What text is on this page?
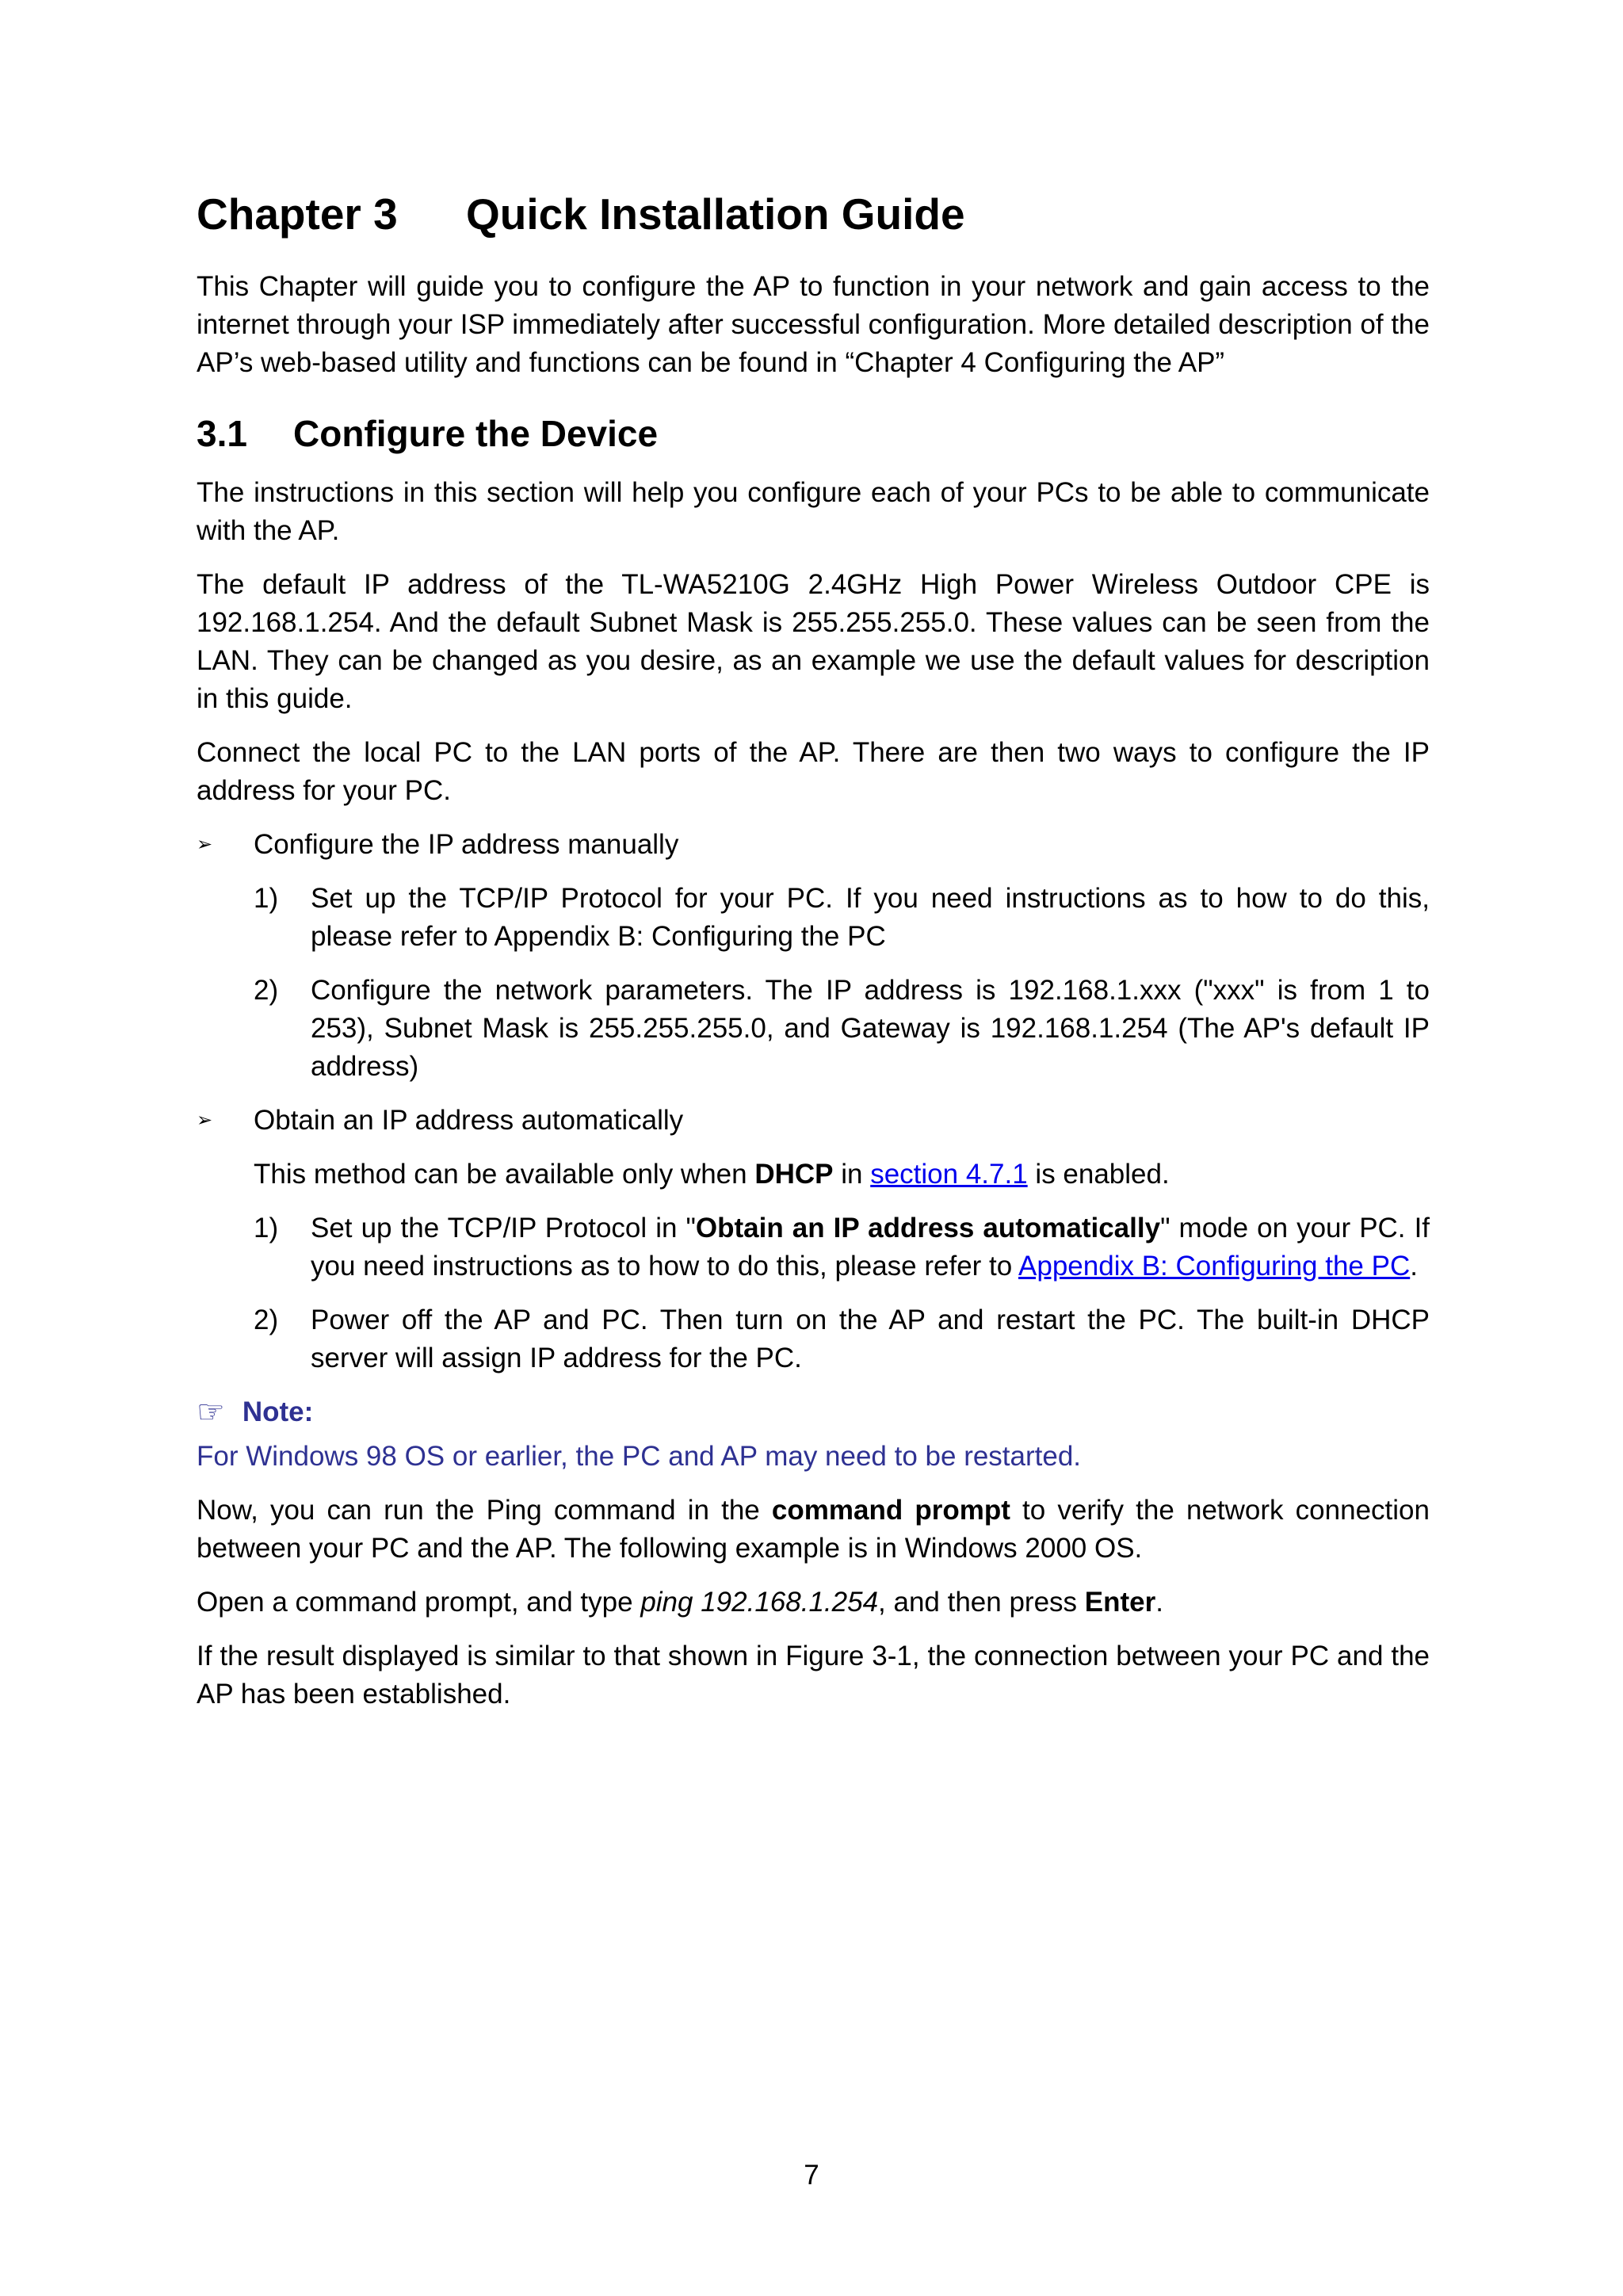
Chapter 3 Quick Installation Guide

This Chapter will guide you to configure the AP to function in your network and gain access to the internet through your ISP immediately after successful configuration. More detailed description of the AP’s web-based utility and functions can be found in “Chapter 4 Configuring the AP”

3.1 Configure the Device

The instructions in this section will help you configure each of your PCs to be able to communicate with the AP.

The default IP address of the TL-WA5210G 2.4GHz High Power Wireless Outdoor CPE is 192.168.1.254. And the default Subnet Mask is 255.255.255.0. These values can be seen from the LAN. They can be changed as you desire, as an example we use the default values for description in this guide.

Connect the local PC to the LAN ports of the AP. There are then two ways to configure the IP address for your PC.

➢ Configure the IP address manually
1) Set up the TCP/IP Protocol for your PC. If you need instructions as to how to do this, please refer to Appendix B: Configuring the PC
2) Configure the network parameters. The IP address is 192.168.1.xxx ("xxx" is from 1 to 253), Subnet Mask is 255.255.255.0, and Gateway is 192.168.1.254 (The AP's default IP address)
➢ Obtain an IP address automatically
This method can be available only when DHCP in section 4.7.1 is enabled.
1) Set up the TCP/IP Protocol in "Obtain an IP address automatically" mode on your PC. If you need instructions as to how to do this, please refer to Appendix B: Configuring the PC.
2) Power off the AP and PC. Then turn on the AP and restart the PC. The built-in DHCP server will assign IP address for the PC.
☞ Note:

For Windows 98 OS or earlier, the PC and AP may need to be restarted.

Now, you can run the Ping command in the command prompt to verify the network connection between your PC and the AP. The following example is in Windows 2000 OS.

Open a command prompt, and type ping 192.168.1.254, and then press Enter.

If the result displayed is similar to that shown in Figure 3-1, the connection between your PC and the AP has been established.

7
